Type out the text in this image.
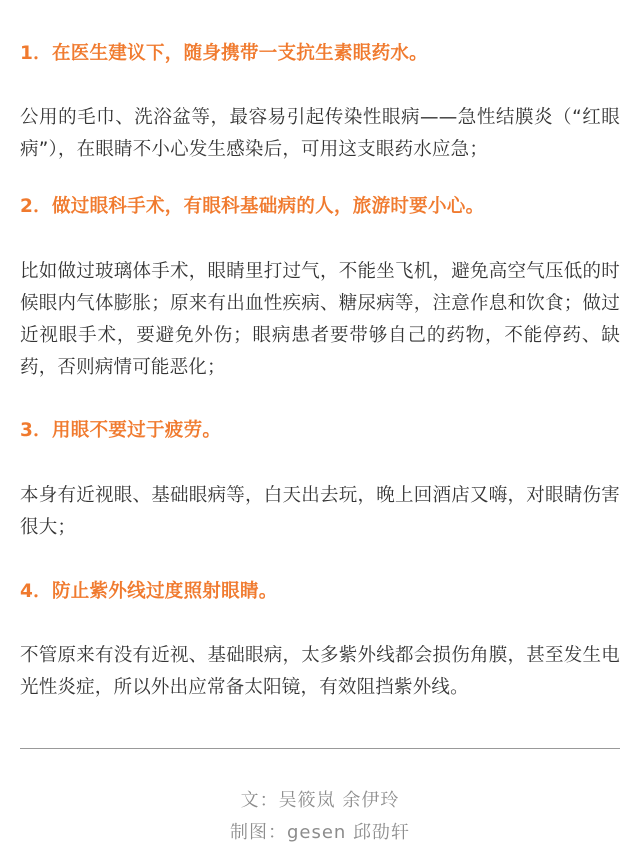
1．在医生建议下，随身携带一支抗生素眼药水。

公用的毛巾、洗浴盆等，最容易引起传染性眼病——急性结膜炎（“红眼病”），在眼睛不小心发生感染后，可用这支眼药水应急；

2．做过眼科手术，有眼科基础病的人，旅游时要小心。

比如做过玻璃体手术，眼睛里打过气，不能坐飞机，避免高空气压低的时候眼内气体膨胀；原来有出血性疾病、糖尿病等，注意作息和饮食；做过近视眼手术，要避免外伤；眼病患者要带够自己的药物，不能停药、缺药，否则病情可能恶化；

3．用眼不要过于疲劳。

本身有近视眼、基础眼病等，白天出去玩，晚上回酒店又嗨，对眼睛伤害很大；

4．防止紫外线过度照射眼睛。

不管原来有没有近视、基础眼病，太多紫外线都会损伤角膜，甚至发生电光性炎症，所以外出应常备太阳镜，有效阻挡紫外线。

文：吴筱岚 余伊玲
制图：gesen 邱劭轩
